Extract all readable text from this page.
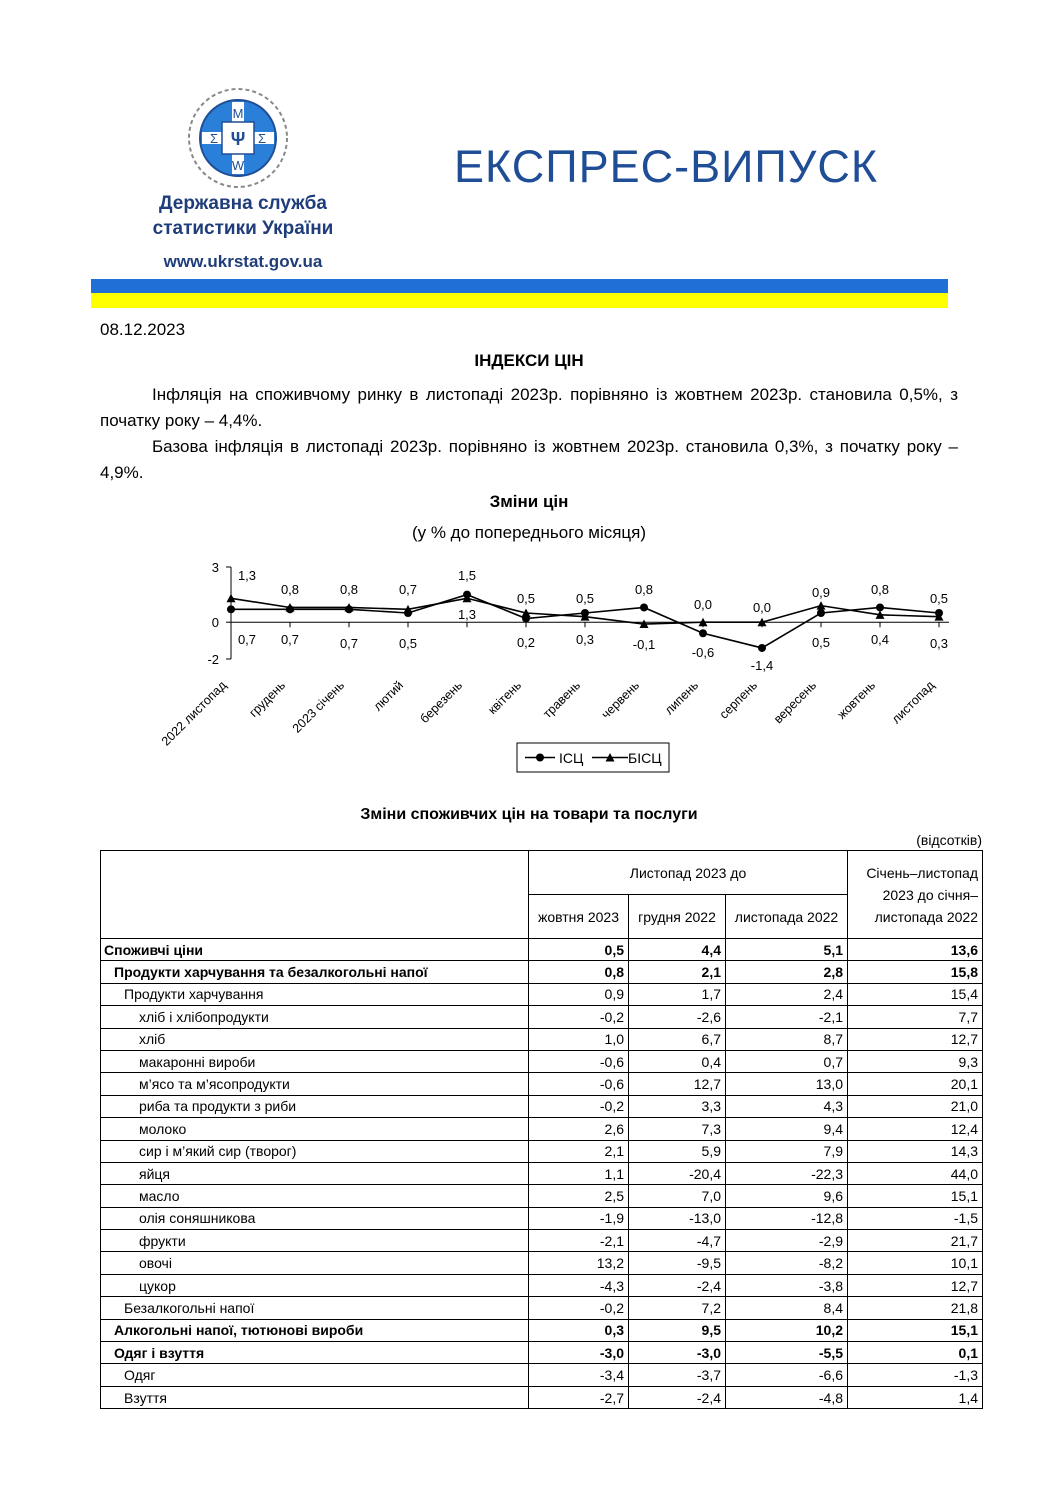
Ψ
M
W
Σ	Ʃ
Державна служба
статистики України
www.ukrstat.gov.ua
ЕКСПРЕС-ВИПУСК
08.12.2023
ІНДЕКСИ ЦІН
Інфляція на споживчому ринку в листопаді 2023р. порівняно із жовтнем 2023р. становила 0,5%, з початку року – 4,4%.
Базова інфляція в листопаді 2023р. порівняно із жовтнем 2023р. становила 0,3%, з початку року – 4,9%.
Зміни цін
(у % до попереднього місяця)
3
0
-2
1,3
0,8	0,8	0,7
1,5
0,5	0,5
0,8
0,0	0,0
0,9	0,8
0,5
0,7 0,7	0,7	0,5
1,3
0,2	0,3	-0,1
-0,6
-1,4
0,5	0,4	0,3
2022 листопад грудень 2023 січень лютий березень квітень травень червень липень серпень вересень жовтень листопад
ІСЦ	БІСЦ
Зміни споживчих цін на товари та послуги
(відсотків)
	Листопад 2023 до			Січень–листопад 2023 до січня–листопада 2022
	жовтня 2023	грудня 2022	листопада 2022	
Споживчі ціни	0,5	4,4	5,1	13,6
Продукти харчування та безалкогольні напої	0,8	2,1	2,8	15,8
Продукти харчування	0,9	1,7	2,4	15,4
хліб і хлібопродукти	-0,2	-2,6	-2,1	7,7
хліб	1,0	6,7	8,7	12,7
макаронні вироби	-0,6	0,4	0,7	9,3
м’ясо та м’ясопродукти	-0,6	12,7	13,0	20,1
риба та продукти з риби	-0,2	3,3	4,3	21,0
молоко	2,6	7,3	9,4	12,4
сир і м’який сир (творог)	2,1	5,9	7,9	14,3
яйця	1,1	-20,4	-22,3	44,0
масло	2,5	7,0	9,6	15,1
олія соняшникова	-1,9	-13,0	-12,8	-1,5
фрукти	-2,1	-4,7	-2,9	21,7
овочі	13,2	-9,5	-8,2	10,1
цукор	-4,3	-2,4	-3,8	12,7
Безалкогольні напої	-0,2	7,2	8,4	21,8
Алкогольні напої, тютюнові вироби	0,3	9,5	10,2	15,1
Одяг і взуття	-3,0	-3,0	-5,5	0,1
Одяг	-3,4	-3,7	-6,6	-1,3
Взуття	-2,7	-2,4	-4,8	1,4
